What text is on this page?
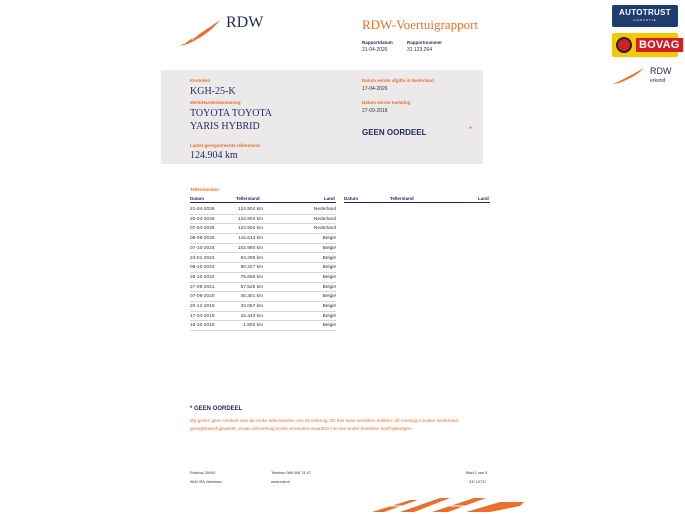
RDW	RDW-Voertuigrapport
Rapportdatum
21-04-2026
Rapportnummer
31.123.264
AUTOTRUST
GARANTIE
BOVAG
RDW
erkend
Kenteken
KGH-25-K
Merk/Handelsbenaming
TOYOTA TOYOTA
YARIS HYBRID
Laatst geregistreerde tellerstand
124.904 km
Datum eerste afgifte in Nederland
17-04-2026
Datum eerste toelating
27-09-2018
GEEN OORDEEL	*
Tellerstanden
Datum	Tellerstand	Land Datum	Tellerstand	Land
21-04-2026	124.904 km	Nederland
20-04-2026	124.904 km	Nederland
07-04-2026	124.904 km	Nederland
08-08-2025	115.614 km	België
07-10-2024	102.980 km	België
24-01-2024	94.298 km	België
09-10-2023	90.327 km	België
28-10-2022	75.656 km	België
27-08-2021	57.525 km	België
07-09-2020	45.301 km	België
20-12-2019	33.067 km	België
17-04-2019	15.443 km	België
18-10-2018	1.802 km	België
* GEEN OORDEEL
Wij geven geen oordeel over de reeks tellerstanden van dit voertuig. Dit kan twee oorzaken hebben: dit voertuig is buiten Nederland geregistreerd geweest, of aan dit voertuig is iets veranderd waardoor het een ander kenteken heeft gekregen.
Postbus 30000
9640 RA Veendam
Telefoon 088 008 74 47
www.rdw.nl
Blad 1 van 3
3.E 10737
